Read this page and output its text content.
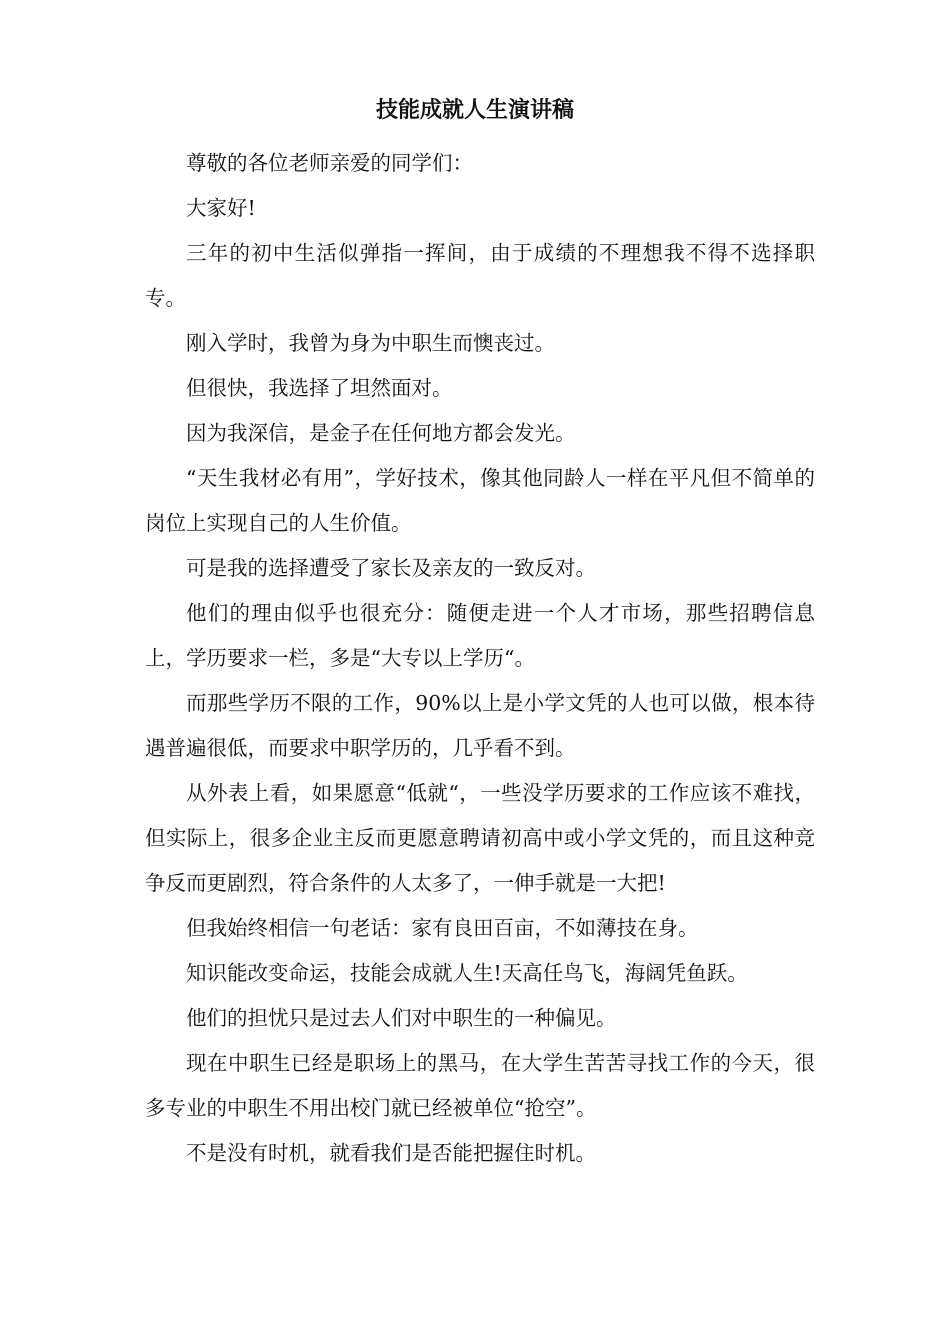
技能成就人生演讲稿

尊敬的各位老师亲爱的同学们：

大家好!

三年的初中生活似弹指一挥间，由于成绩的不理想我不得不选择职专。

刚入学时，我曾为身为中职生而懊丧过。

但很快，我选择了坦然面对。

因为我深信，是金子在任何地方都会发光。

“天生我材必有用”，学好技术，像其他同龄人一样在平凡但不简单的岗位上实现自己的人生价值。

可是我的选择遭受了家长及亲友的一致反对。

他们的理由似乎也很充分：随便走进一个人才市场，那些招聘信息上，学历要求一栏，多是“大专以上学历“。

而那些学历不限的工作，90%以上是小学文凭的人也可以做，根本待遇普遍很低，而要求中职学历的，几乎看不到。

从外表上看，如果愿意“低就“，一些没学历要求的工作应该不难找，但实际上，很多企业主反而更愿意聘请初高中或小学文凭的，而且这种竞争反而更剧烈，符合条件的人太多了，一伸手就是一大把!

但我始终相信一句老话：家有良田百亩，不如薄技在身。

知识能改变命运，技能会成就人生!天高任鸟飞，海阔凭鱼跃。

他们的担忧只是过去人们对中职生的一种偏见。

现在中职生已经是职场上的黑马，在大学生苦苦寻找工作的今天，很多专业的中职生不用出校门就已经被单位“抢空”。

不是没有时机，就看我们是否能把握住时机。
